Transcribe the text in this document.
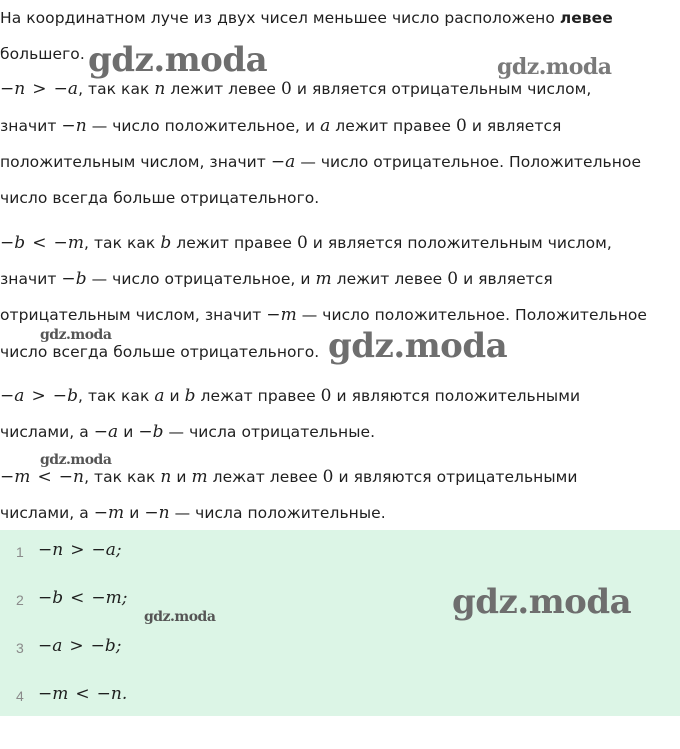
На координатном луче из двух чисел меньшее число расположено левее

большего.

−n > −a, так как n лежит левее 0 и является отрицательным числом,

значит −n — число положительное, и a лежит правее 0 и является

положительным числом, значит −a — число отрицательное. Положительное

число всегда больше отрицательного.

−b < −m, так как b лежит правее 0 и является положительным числом,

значит −b — число отрицательное, и m лежит левее 0 и является

отрицательным числом, значит −m — число положительное. Положительное

число всегда больше отрицательного.

−a > −b, так как a и b лежат правее 0 и являются положительными

числами, а −a и −b — числа отрицательные.

−m < −n, так как n и m лежат левее 0 и являются отрицательными

числами, а −m и −n — числа положительные.

1 −n > −a;
2 −b < −m;
3 −a > −b;
4 −m < −n.
gdz.moda	gdz.moda
gdz.moda	gdz.moda
gdz.moda
gdz.moda
gdz.moda
